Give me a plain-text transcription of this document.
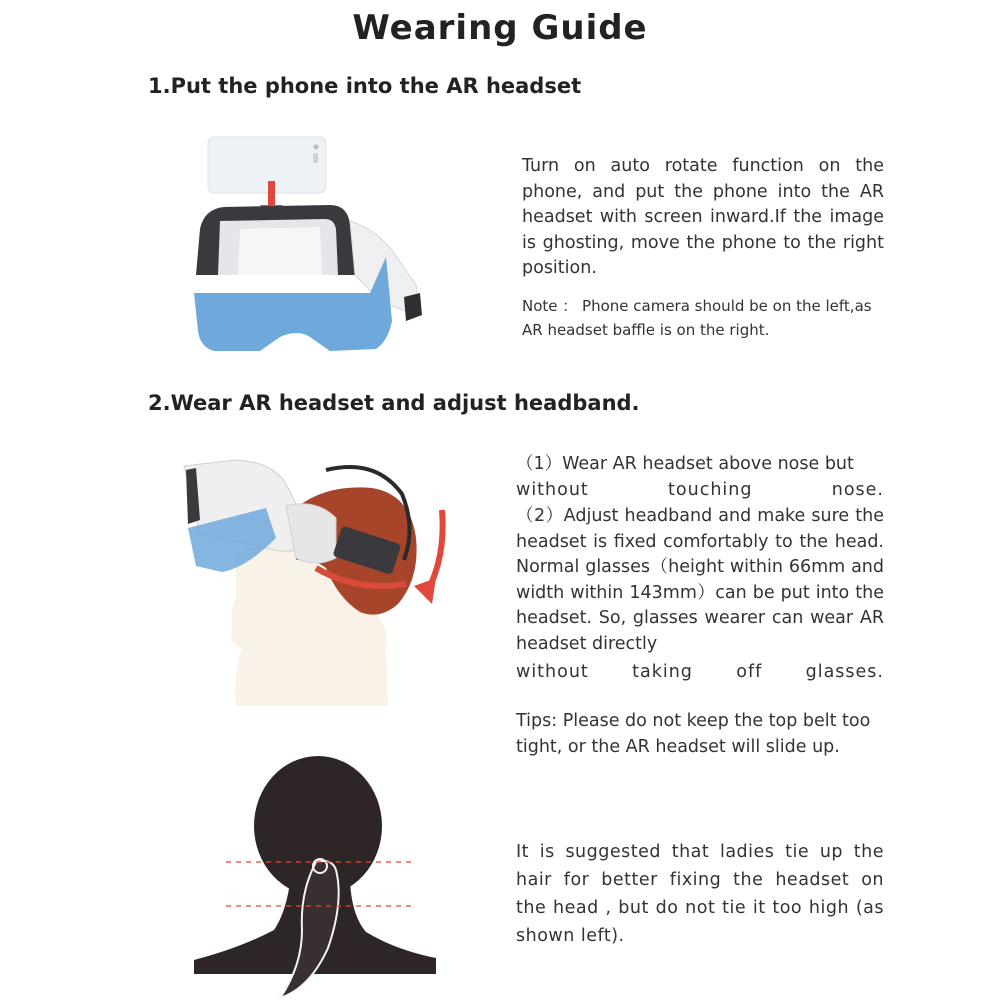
Wearing Guide
1.Put the phone into the AR headset
Turn on auto rotate function on the phone, and put the phone into the AR headset with screen inward.If the image is ghosting, move the phone to the right position.
Note ： Phone camera should be on the left,as AR headset baffle is on the right.
2.Wear AR headset and adjust headband.
（1）Wear AR headset above nose but
without touching nose.
（2）Adjust headband and make sure the headset is fixed comfortably to the head. Normal glasses（height within 66mm and width within 143mm）can be put into the headset. So, glasses wearer can wear AR headset directly
without taking off glasses.
Tips: Please do not keep the top belt too tight, or the AR headset will slide up.
It is suggested that ladies tie up the hair for better fixing the headset on the head , but do not tie it too high (as shown left).
